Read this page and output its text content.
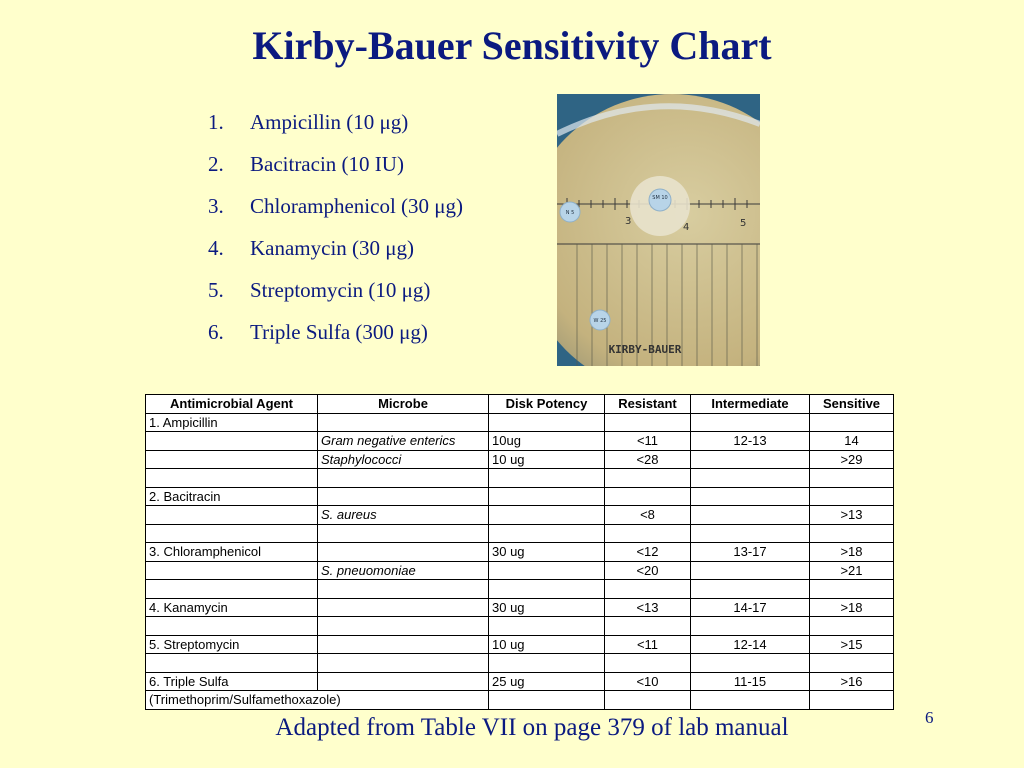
Kirby-Bauer Sensitivity Chart
1. Ampicillin (10 μg)
2. Bacitracin (10 IU)
3. Chloramphenicol (30 μg)
4. Kanamycin (30 μg)
5. Streptomycin (10 μg)
6. Triple Sulfa (300 μg)
3
4	5
SM 10
N 5
W 25
KIRBY-BAUER
Antimicrobial Agent	Microbe	Disk Potency	Resistant	Intermediate	Sensitive
1. Ampicillin					
	Gram negative enterics	10ug	<11	12-13	14
	Staphylococci	10 ug	<28		>29

2. Bacitracin					
	S. aureus		<8		>13

3. Chloramphenicol		30 ug	<12	13-17	>18
	S. pneuomoniae		<20		>21

4. Kanamycin		30 ug	<13	14-17	>18

5. Streptomycin		10 ug	<11	12-14	>15

6. Triple Sulfa		25 ug	<10	11-15	>16
(Trimethoprim/Sulfamethoxazole)					
Adapted from Table VII on page 379 of lab manual	6
